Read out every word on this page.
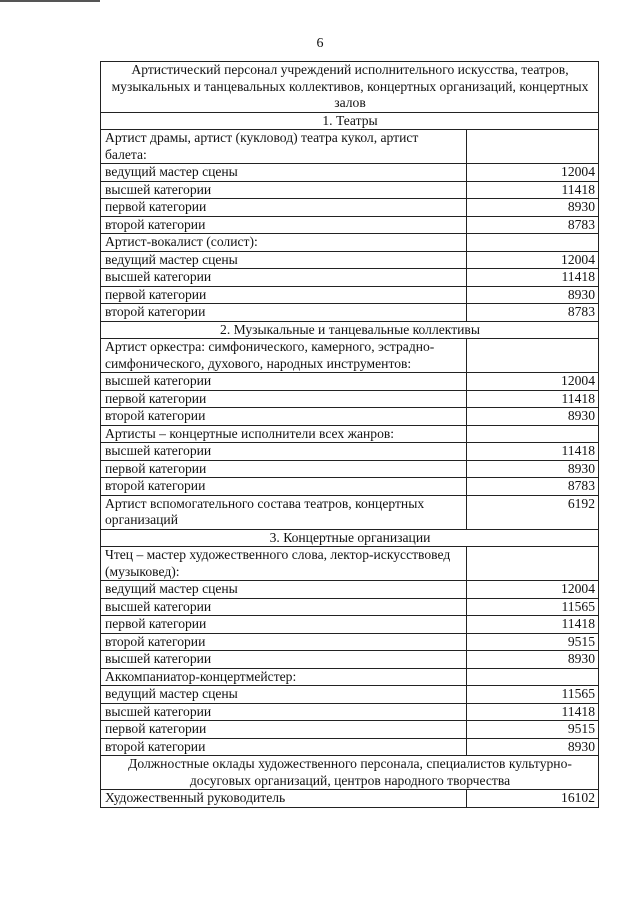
6
Артистический персонал учреждений исполнительного искусства, театров, музыкальных и танцевальных коллективов, концертных организаций, концертных залов	
1. Театры	
Артист драмы, артист (кукловод) театра кукол, артист балета:	
ведущий мастер сцены	12004
высшей категории	11418
первой категории	8930
второй категории	8783
Артист-вокалист (солист):	
ведущий мастер сцены	12004
высшей категории	11418
первой категории	8930
второй категории	8783
2. Музыкальные и танцевальные коллективы	
Артист оркестра: симфонического, камерного, эстрадно-симфонического, духового, народных инструментов:	
высшей категории	12004
первой категории	11418
второй категории	8930
Артисты – концертные исполнители всех жанров:	
высшей категории	11418
первой категории	8930
второй категории	8783
Артист вспомогательного состава театров, концертных организаций	6192
3. Концертные организации	
Чтец – мастер художественного слова, лектор-искусствовед (музыковед):	
ведущий мастер сцены	12004
высшей категории	11565
первой категории	11418
второй категории	9515
высшей категории	8930
Аккомпаниатор-концертмейстер:	
ведущий мастер сцены	11565
высшей категории	11418
первой категории	9515
второй категории	8930
Должностные оклады художественного персонала, специалистов культурно-досуговых организаций, центров народного творчества	
Художественный руководитель	16102
